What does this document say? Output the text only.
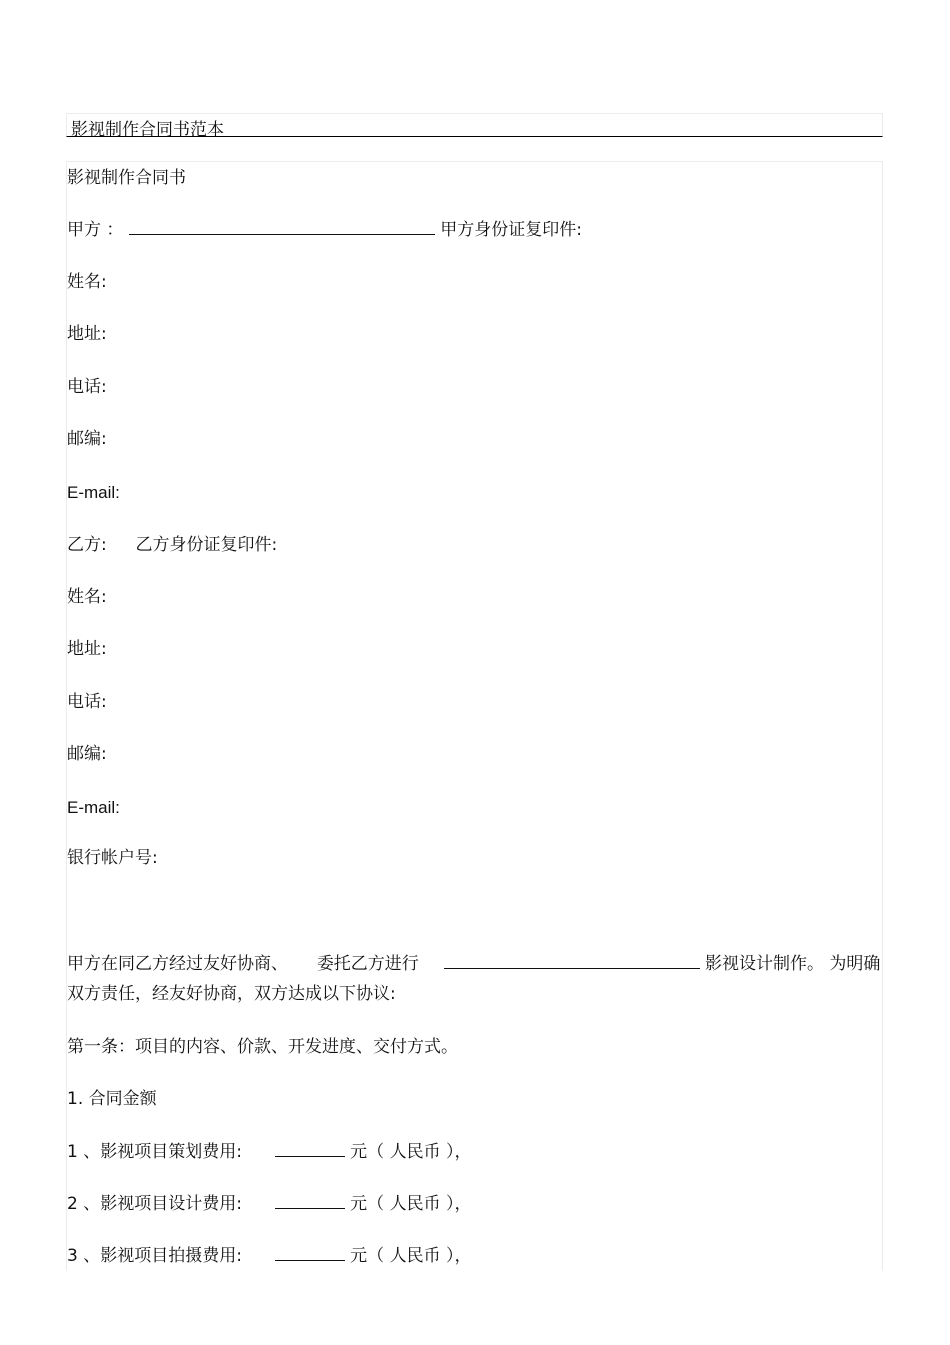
影视制作合同书范本
影视制作合同书
甲方 ：	甲方身份证复印件:
姓名:
地址:
电话:
邮编:
E-mail:
乙方: 乙方身份证复印件:
姓名:
地址:
电话:
邮编:
E-mail:
银行帐户号:
甲方在同乙方经过友好协商、 委托乙方进行	影视设计制作。 为明确
双方责任，经友好协商，双方达成以下协议:
第一条：项目的内容、价款、开发进度、交付方式。
1. 合同金额
1 、影视项目策划费用:	元（ 人民币 ），
2 、影视项目设计费用:	元（ 人民币 ），
3 、影视项目拍摄费用:	元（ 人民币 ），
